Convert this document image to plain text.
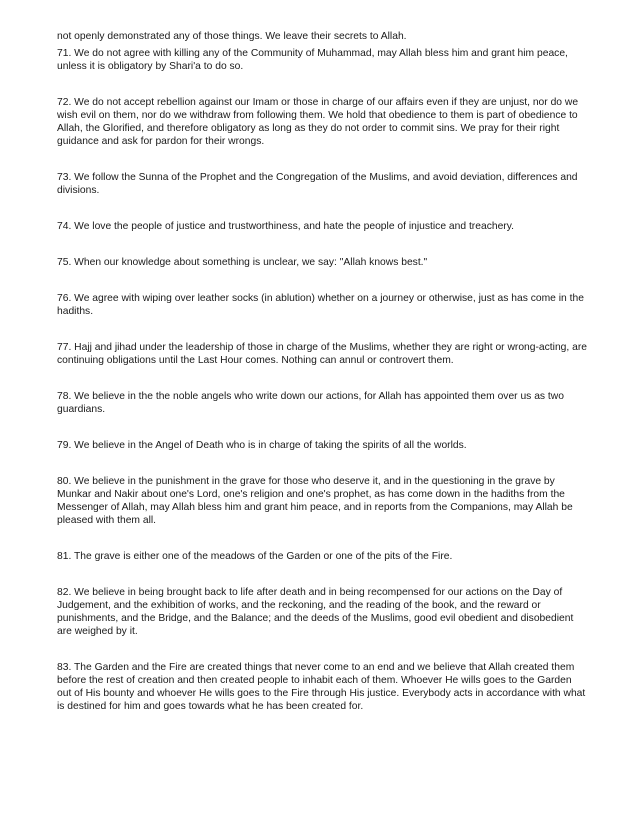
not openly demonstrated any of those things. We leave their secrets to Allah.

71. We do not agree with killing any of the Community of Muhammad, may Allah bless him and grant him peace, unless it is obligatory by Shari'a to do so.

72. We do not accept rebellion against our Imam or those in charge of our affairs even if they are unjust, nor do we wish evil on them, nor do we withdraw from following them. We hold that obedience to them is part of obedience to Allah, the Glorified, and therefore obligatory as long as they do not order to commit sins. We pray for their right guidance and ask for pardon for their wrongs.

73. We follow the Sunna of the Prophet and the Congregation of the Muslims, and avoid deviation, differences and divisions.

74. We love the people of justice and trustworthiness, and hate the people of injustice and treachery.

75. When our knowledge about something is unclear, we say: "Allah knows best."

76. We agree with wiping over leather socks (in ablution) whether on a journey or otherwise, just as has come in the hadiths.

77. Hajj and jihad under the leadership of those in charge of the Muslims, whether they are right or wrong-acting, are continuing obligations until the Last Hour comes. Nothing can annul or controvert them.

78. We believe in the the noble angels who write down our actions, for Allah has appointed them over us as two guardians.

79. We believe in the Angel of Death who is in charge of taking the spirits of all the worlds.

80. We believe in the punishment in the grave for those who deserve it, and in the questioning in the grave by Munkar and Nakir about one's Lord, one's religion and one's prophet, as has come down in the hadiths from the Messenger of Allah, may Allah bless him and grant him peace, and in reports from the Companions, may Allah be pleased with them all.

81. The grave is either one of the meadows of the Garden or one of the pits of the Fire.

82. We believe in being brought back to life after death and in being recompensed for our actions on the Day of Judgement, and the exhibition of works, and the reckoning, and the reading of the book, and the reward or punishments, and the Bridge, and the Balance; and the deeds of the Muslims, good evil obedient and disobedient are weighed by it.

83. The Garden and the Fire are created things that never come to an end and we believe that Allah created them before the rest of creation and then created people to inhabit each of them. Whoever He wills goes to the Garden out of His bounty and whoever He wills goes to the Fire through His justice. Everybody acts in accordance with what is destined for him and goes towards what he has been created for.
